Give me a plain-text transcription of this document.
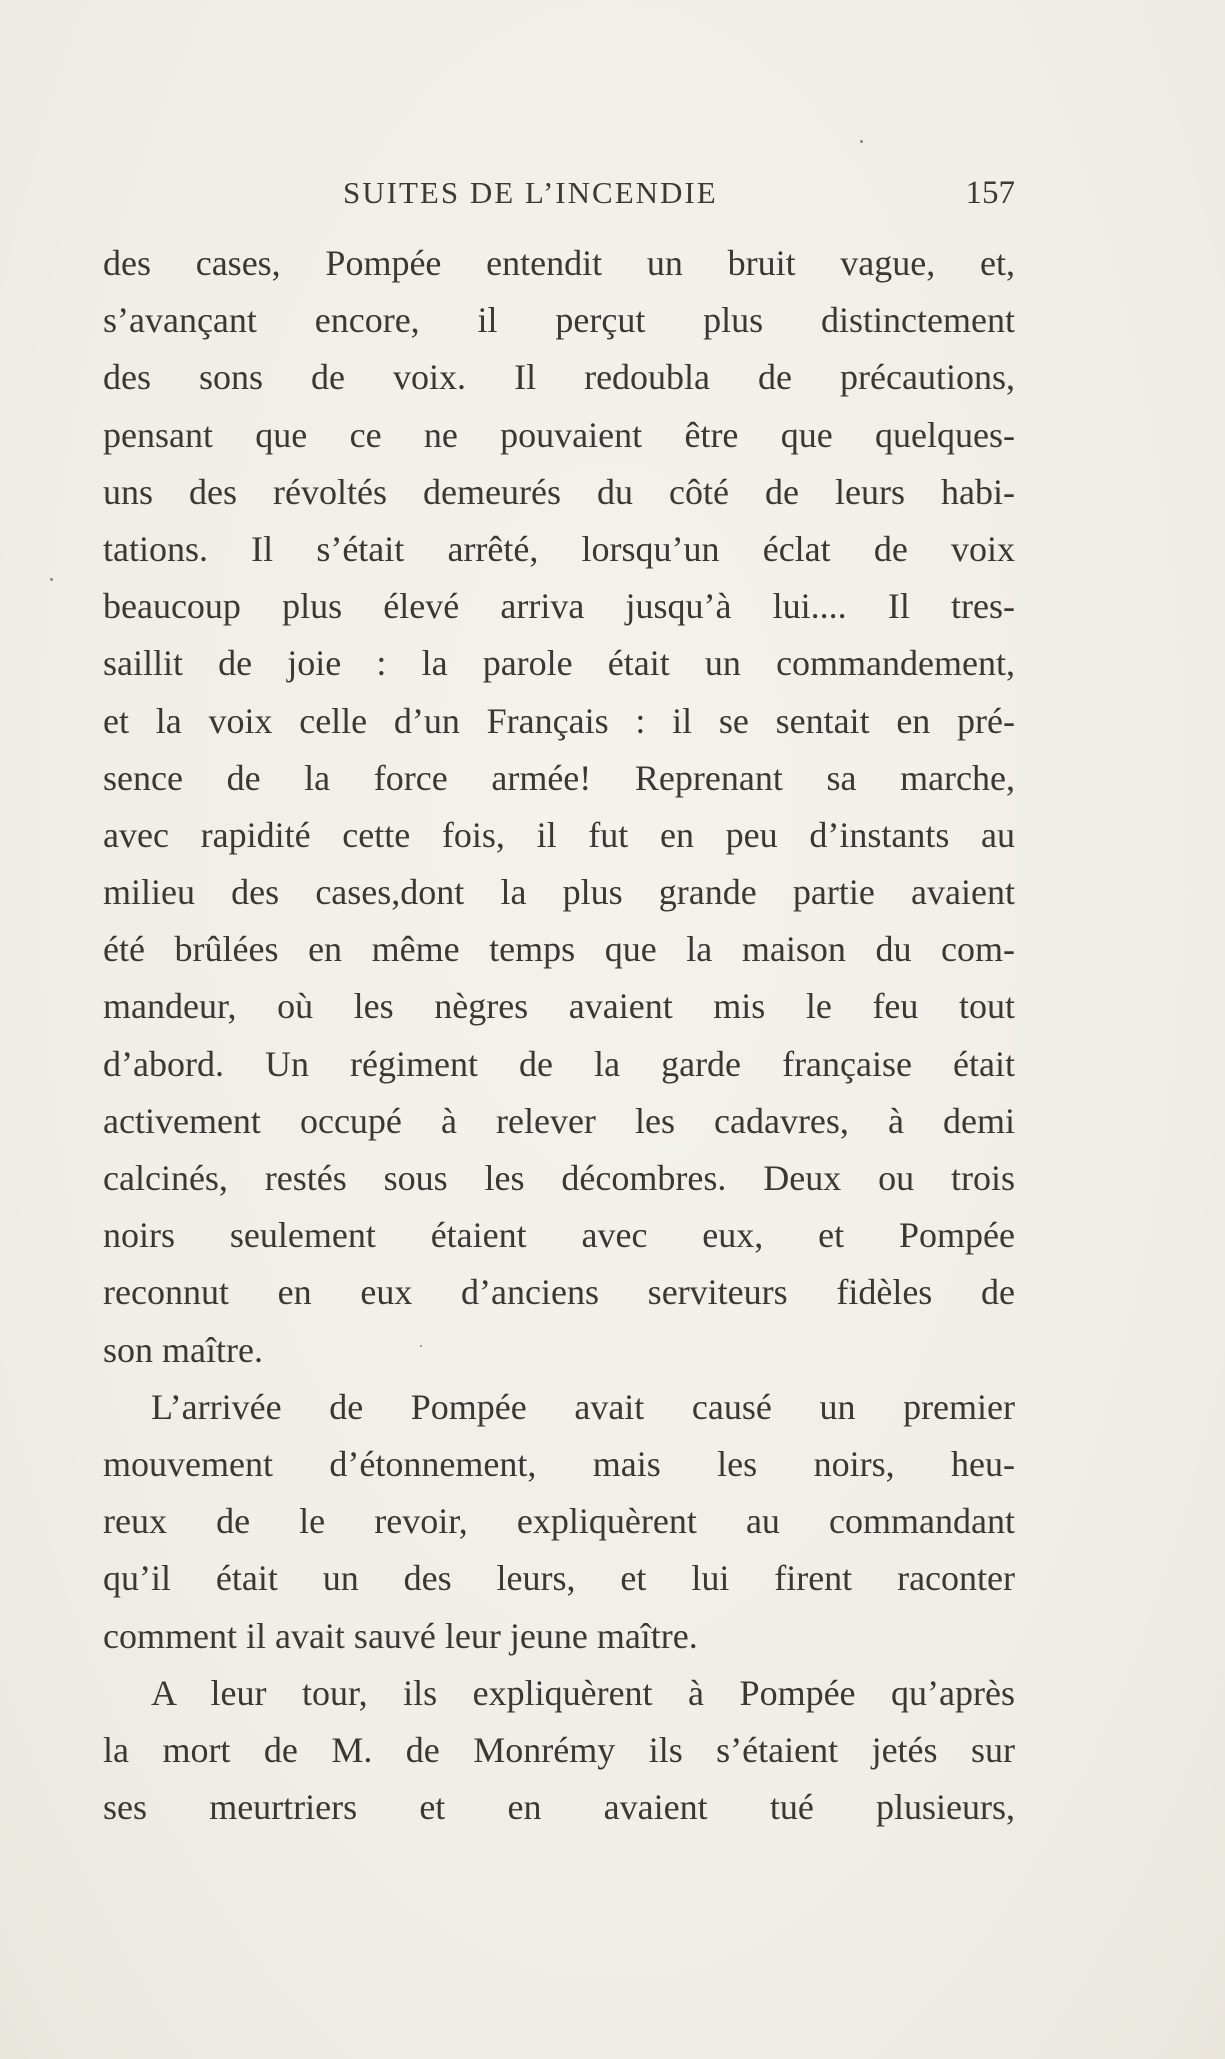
SUITES DE L’INCENDIE	157
des cases, Pompée entendit un bruit vague, et,
s’avançant encore, il perçut plus distinctement
des sons de voix. Il redoubla de précautions,
pensant que ce ne pouvaient être que quelques-
uns des révoltés demeurés du côté de leurs habi-
tations. Il s’était arrêté, lorsqu’un éclat de voix
beaucoup plus élevé arriva jusqu’à lui.... Il tres-
saillit de joie : la parole était un commandement,
et la voix celle d’un Français : il se sentait en pré-
sence de la force armée! Reprenant sa marche,
avec rapidité cette fois, il fut en peu d’instants au
milieu des cases,dont la plus grande partie avaient
été brûlées en même temps que la maison du com-
mandeur, où les nègres avaient mis le feu tout
d’abord. Un régiment de la garde française était
activement occupé à relever les cadavres, à demi
calcinés, restés sous les décombres. Deux ou trois
noirs seulement étaient avec eux, et Pompée
reconnut en eux d’anciens serviteurs fidèles de
son maître.
L’arrivée de Pompée avait causé un premier
mouvement d’étonnement, mais les noirs, heu-
reux de le revoir, expliquèrent au commandant
qu’il était un des leurs, et lui firent raconter
comment il avait sauvé leur jeune maître.
A leur tour, ils expliquèrent à Pompée qu’après
la mort de M. de Monrémy ils s’étaient jetés sur
ses meurtriers et en avaient tué plusieurs,
